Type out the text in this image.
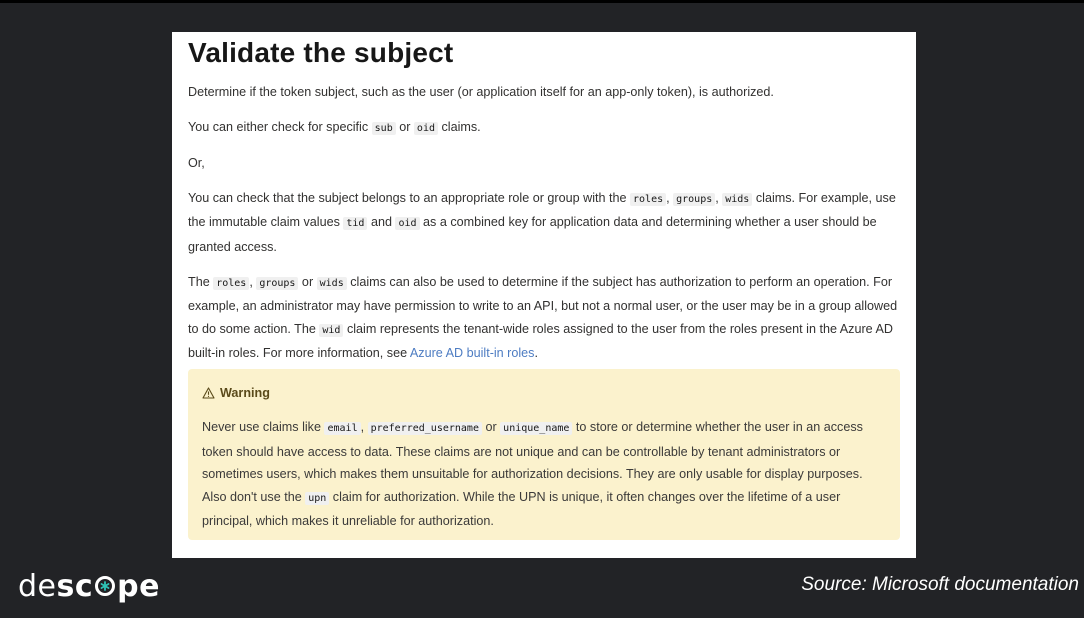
Validate the subject

Determine if the token subject, such as the user (or application itself for an app-only token), is authorized.

You can either check for specific sub or oid claims.

Or,

You can check that the subject belongs to an appropriate role or group with the roles , groups , wids claims. For example, use the immutable claim values tid and oid as a combined key for application data and determining whether a user should be granted access.

The roles , groups or wids claims can also be used to determine if the subject has authorization to perform an operation. For example, an administrator may have permission to write to an API, but not a normal user, or the user may be in a group allowed to do some action. The wid claim represents the tenant-wide roles assigned to the user from the roles present in the Azure AD built-in roles. For more information, see Azure AD built-in roles.

Warning

Never use claims like email , preferred_username or unique_name to store or determine whether the user in an access token should have access to data. These claims are not unique and can be controllable by tenant administrators or sometimes users, which makes them unsuitable for authorization decisions. They are only usable for display purposes. Also don't use the upn claim for authorization. While the UPN is unique, it often changes over the lifetime of a user principal, which makes it unreliable for authorization.

de sc pe	Source: Microsoft documentation
